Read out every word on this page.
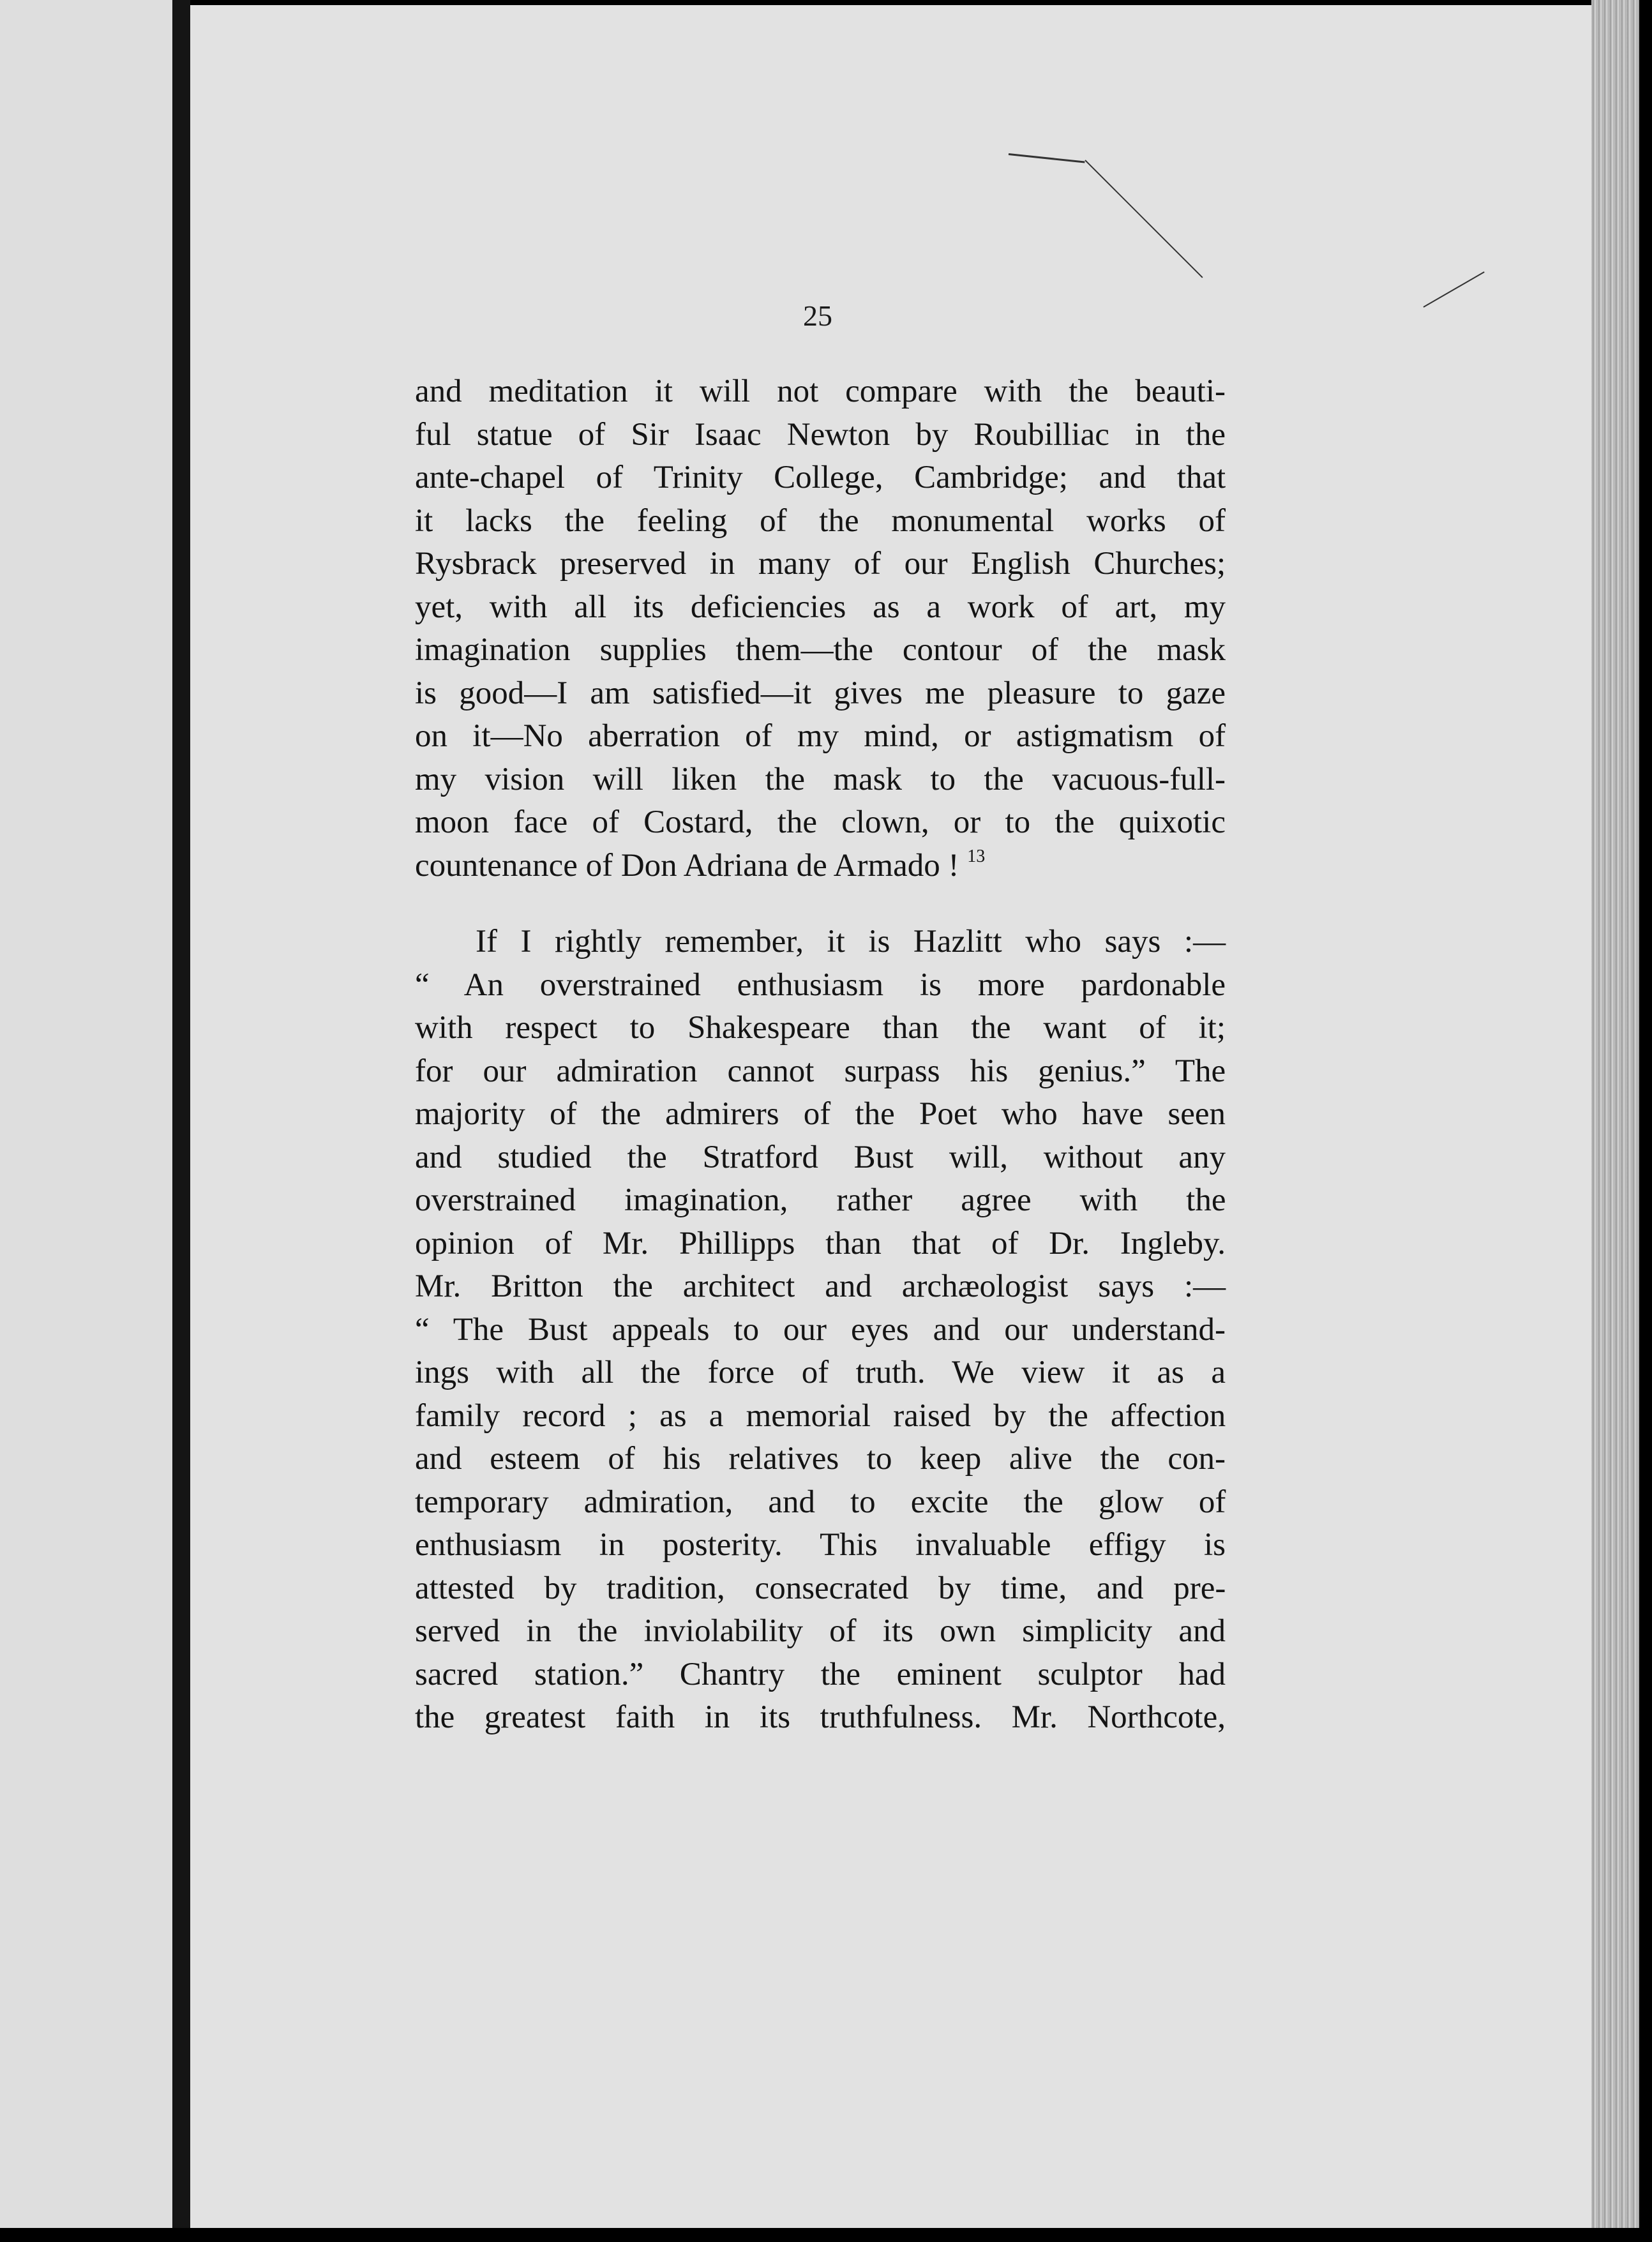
25

and meditation it will not compare with the beauti-
ful statue of Sir Isaac Newton by Roubilliac in the
ante-chapel of Trinity College, Cambridge; and that
it lacks the feeling of the monumental works of
Rysbrack preserved in many of our English Churches;
yet, with all its deficiencies as a work of art, my
imagination supplies them—the contour of the mask
is good—I am satisfied—it gives me pleasure to gaze
on it—No aberration of my mind, or astigmatism of
my vision will liken the mask to the vacuous-full-
moon face of Costard, the clown, or to the quixotic
countenance of Don Adriana de Armado ! $^{13}$

If I rightly remember, it is Hazlitt who says :—
“ An overstrained enthusiasm is more pardonable
with respect to Shakespeare than the want of it;
for our admiration cannot surpass his genius.” The
majority of the admirers of the Poet who have seen
and studied the Stratford Bust will, without any
overstrained imagination, rather agree with the
opinion of Mr. Phillipps than that of Dr. Ingleby.
Mr. Britton the architect and archæologist says :—
“ The Bust appeals to our eyes and our understand-
ings with all the force of truth. We view it as a
family record ; as a memorial raised by the affection
and esteem of his relatives to keep alive the con-
temporary admiration, and to excite the glow of
enthusiasm in posterity. This invaluable effigy is
attested by tradition, consecrated by time, and pre-
served in the inviolability of its own simplicity and
sacred station.” Chantry the eminent sculptor had
the greatest faith in its truthfulness. Mr. Northcote,
